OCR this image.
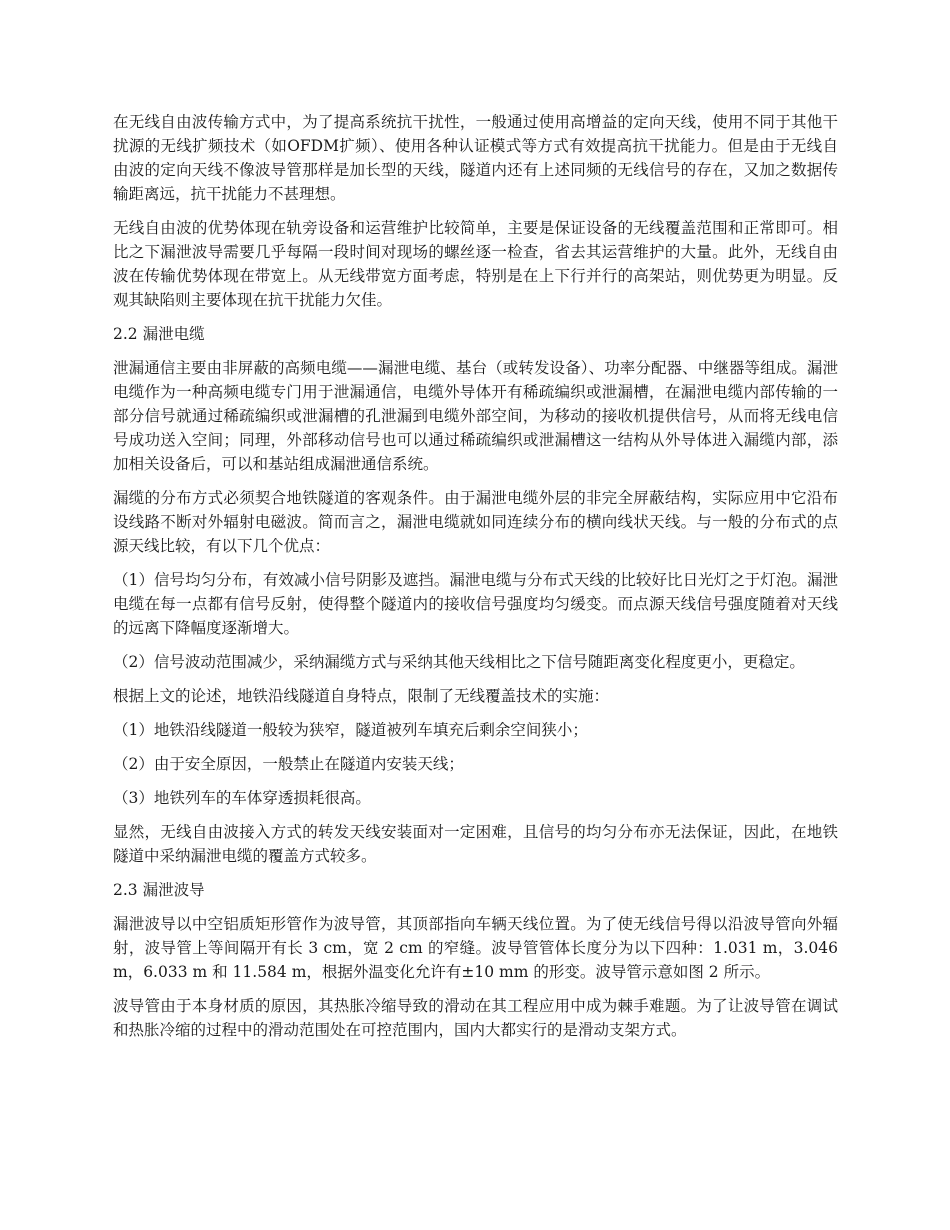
在无线自由波传输方式中，为了提高系统抗干扰性，一般通过使用高增益的定向天线，使用不同于其他干扰源的无线扩频技术（如OFDM扩频）、使用各种认证模式等方式有效提高抗干扰能力。但是由于无线自由波的定向天线不像波导管那样是加长型的天线，隧道内还有上述同频的无线信号的存在，又加之数据传输距离远，抗干扰能力不甚理想。

无线自由波的优势体现在轨旁设备和运营维护比较简单，主要是保证设备的无线覆盖范围和正常即可。相比之下漏泄波导需要几乎每隔一段时间对现场的螺丝逐一检查，省去其运营维护的大量。此外，无线自由波在传输优势体现在带宽上。从无线带宽方面考虑，特别是在上下行并行的高架站，则优势更为明显。反观其缺陷则主要体现在抗干扰能力欠佳。

2.2 漏泄电缆

泄漏通信主要由非屏蔽的高频电缆——漏泄电缆、基台（或转发设备）、功率分配器、中继器等组成。漏泄电缆作为一种高频电缆专门用于泄漏通信，电缆外导体开有稀疏编织或泄漏槽，在漏泄电缆内部传输的一部分信号就通过稀疏编织或泄漏槽的孔泄漏到电缆外部空间，为移动的接收机提供信号，从而将无线电信号成功送入空间；同理，外部移动信号也可以通过稀疏编织或泄漏槽这一结构从外导体进入漏缆内部，添加相关设备后，可以和基站组成漏泄通信系统。

漏缆的分布方式必须契合地铁隧道的客观条件。由于漏泄电缆外层的非完全屏蔽结构，实际应用中它沿布设线路不断对外辐射电磁波。简而言之，漏泄电缆就如同连续分布的横向线状天线。与一般的分布式的点源天线比较，有以下几个优点：

（1）信号均匀分布，有效减小信号阴影及遮挡。漏泄电缆与分布式天线的比较好比日光灯之于灯泡。漏泄电缆在每一点都有信号反射，使得整个隧道内的接收信号强度均匀缓变。而点源天线信号强度随着对天线的远离下降幅度逐渐增大。

（2）信号波动范围减少，采纳漏缆方式与采纳其他天线相比之下信号随距离变化程度更小，更稳定。

根据上文的论述，地铁沿线隧道自身特点，限制了无线覆盖技术的实施：

（1）地铁沿线隧道一般较为狭窄，隧道被列车填充后剩余空间狭小；

（2）由于安全原因，一般禁止在隧道内安装天线；

（3）地铁列车的车体穿透损耗很高。

显然，无线自由波接入方式的转发天线安装面对一定困难，且信号的均匀分布亦无法保证，因此，在地铁隧道中采纳漏泄电缆的覆盖方式较多。

2.3 漏泄波导

漏泄波导以中空铝质矩形管作为波导管，其顶部指向车辆天线位置。为了使无线信号得以沿波导管向外辐射，波导管上等间隔开有长 3 cm，宽 2 cm 的窄缝。波导管管体长度分为以下四种：1.031 m，3.046 m，6.033 m 和 11.584 m，根据外温变化允许有±10 mm 的形变。波导管示意如图 2 所示。

波导管由于本身材质的原因，其热胀冷缩导致的滑动在其工程应用中成为棘手难题。为了让波导管在调试和热胀冷缩的过程中的滑动范围处在可控范围内，国内大都实行的是滑动支架方式。
